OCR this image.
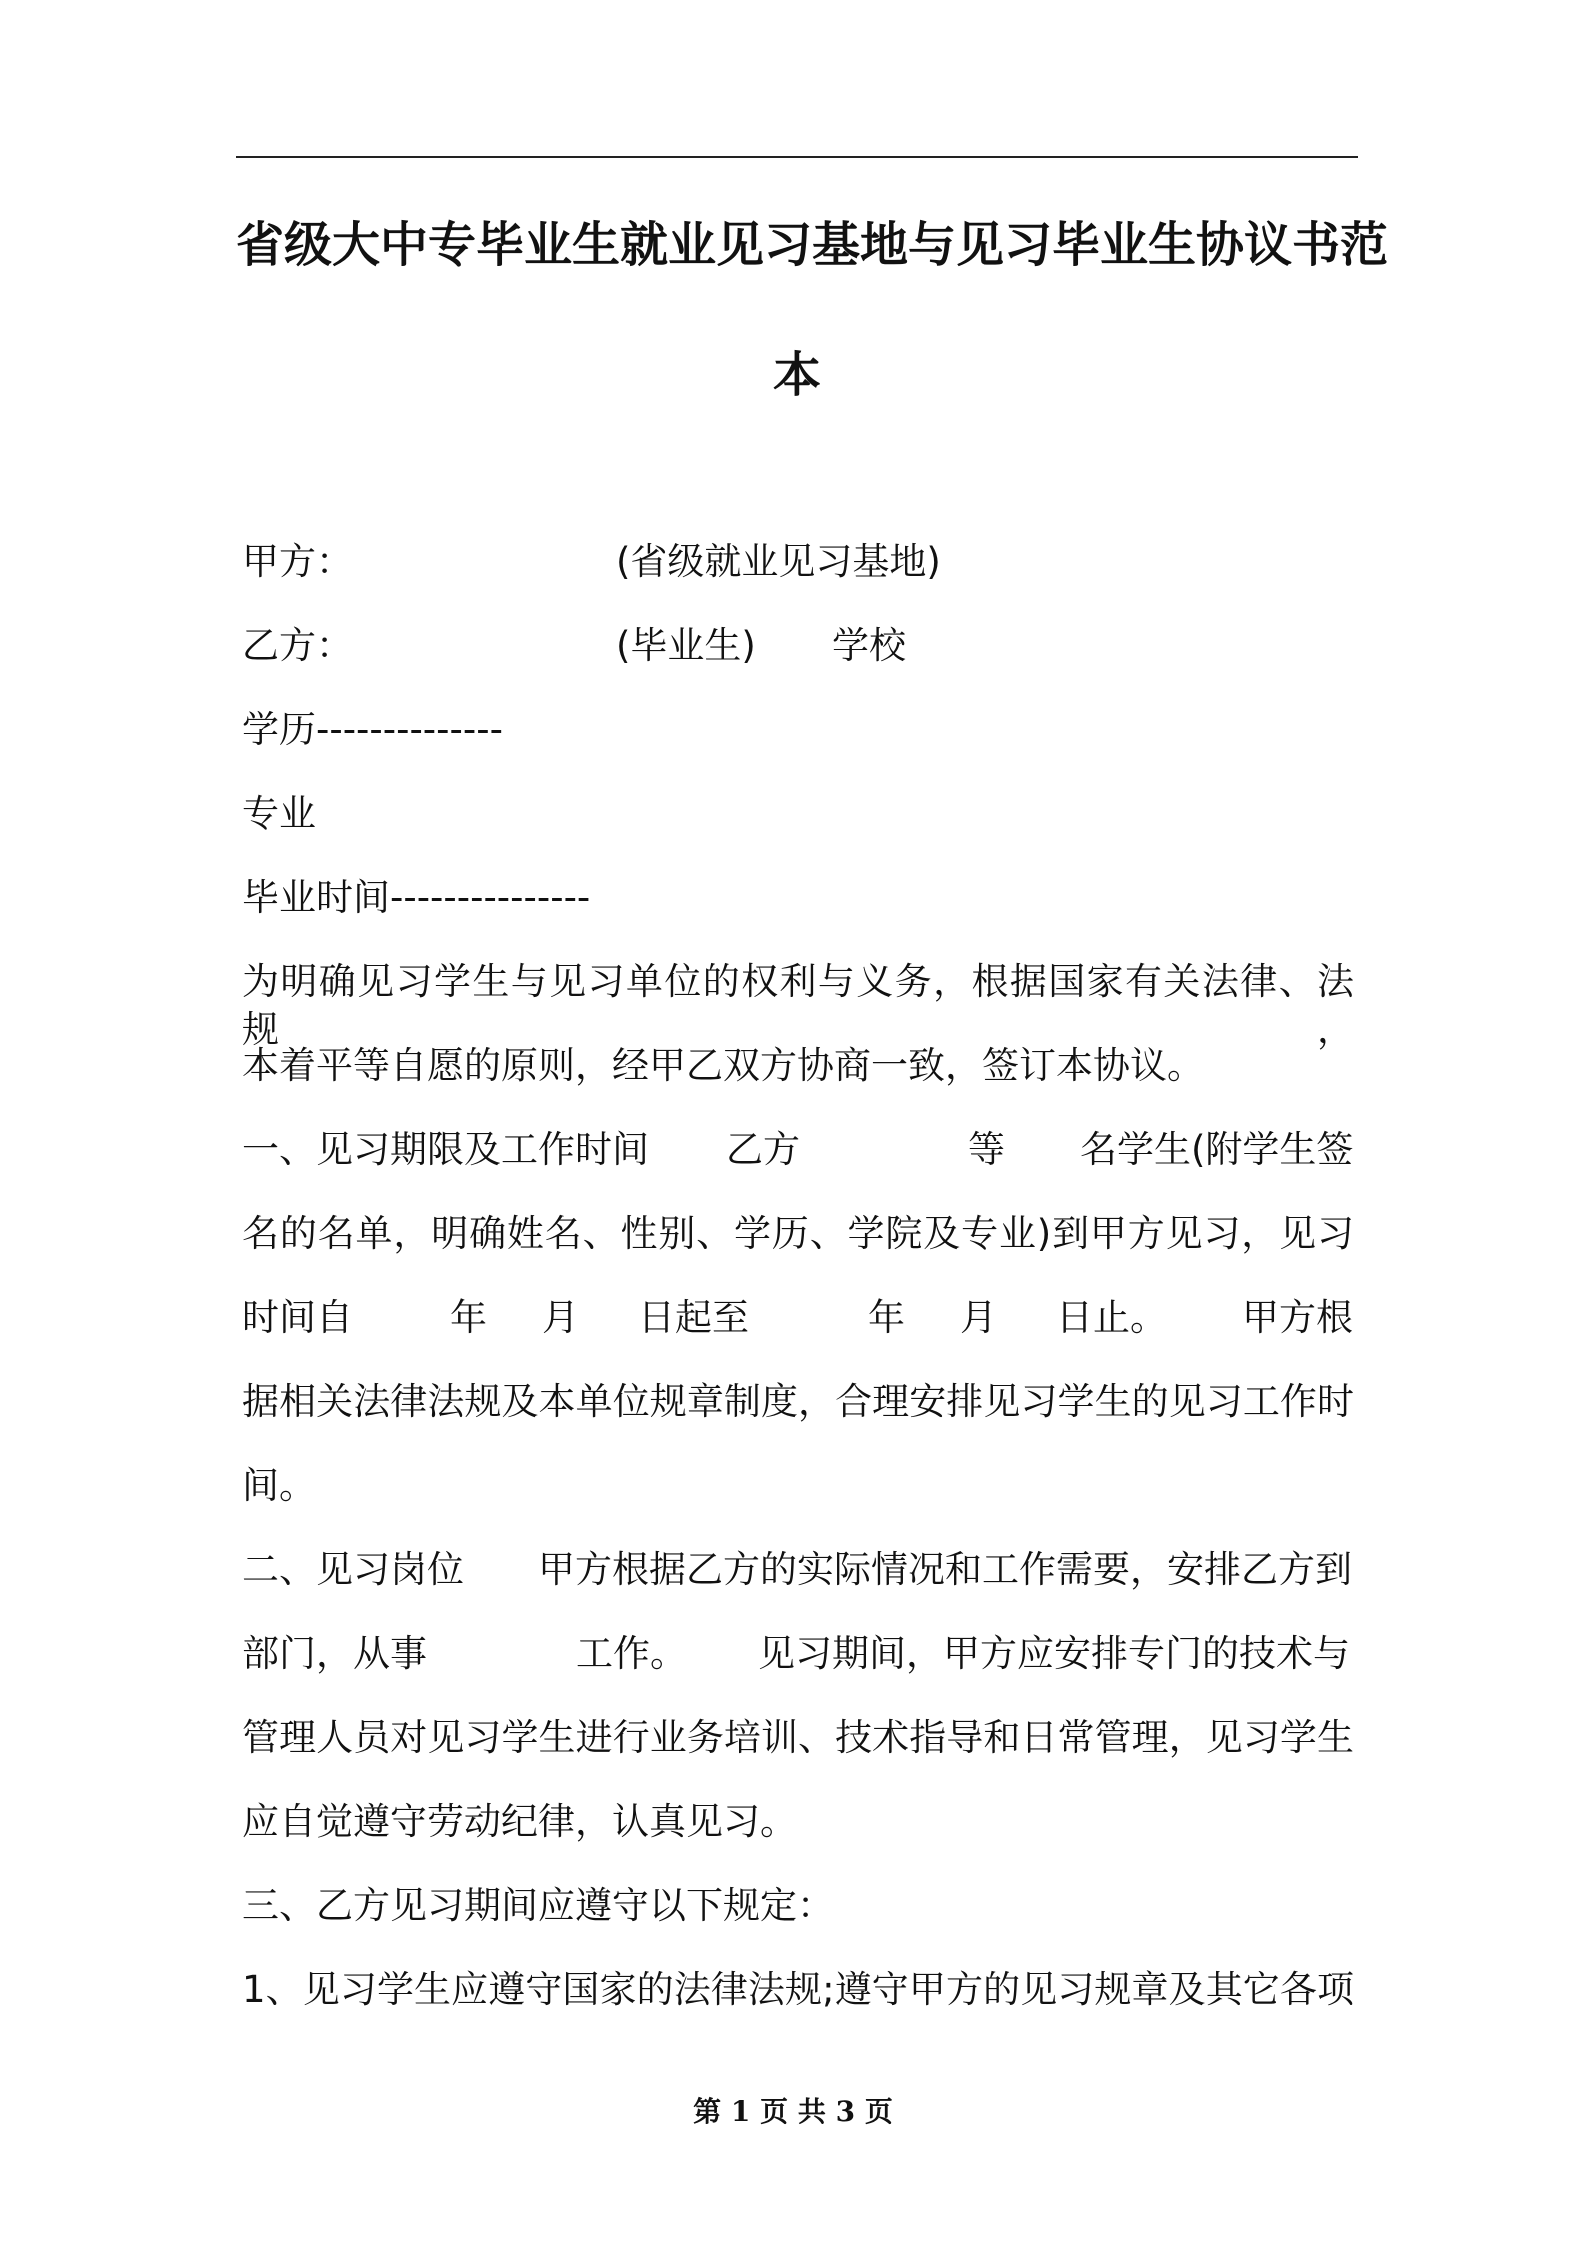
省级大中专毕业生就业见习基地与见习毕业生协议书范
本
甲方：	(省级就业见习基地)
乙方：	(毕业生) 学校
学历--------------
专业
毕业时间---------------
为明确见习学生与见习单位的权利与义务，根据国家有关法律、法规，
本着平等自愿的原则，经甲乙双方协商一致，签订本协议。
一、见习期限及工作时间 乙方	等 名学生(附学生签
名的名单，明确姓名、性别、学历、学院及专业)到甲方见习，见习
时间自	年 月 日起至	年 月 日止。 甲方根
据相关法律法规及本单位规章制度，合理安排见习学生的见习工作时
间。
二、见习岗位 甲方根据乙方的实际情况和工作需要，安排乙方到
部门，从事	工作。 见习期间，甲方应安排专门的技术与
管理人员对见习学生进行业务培训、技术指导和日常管理，见习学生
应自觉遵守劳动纪律，认真见习。
三、乙方见习期间应遵守以下规定：
1、见习学生应遵守国家的法律法规;遵守甲方的见习规章及其它各项
第 1 页 共 3 页
